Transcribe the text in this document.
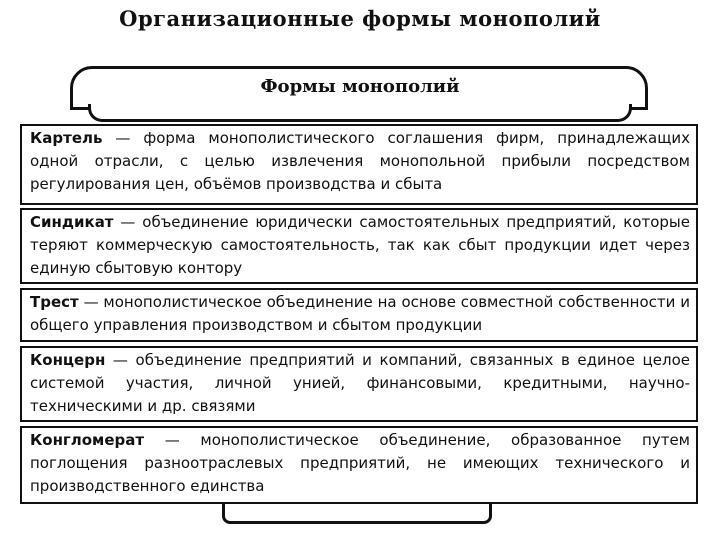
Организационные формы монополий
Формы монополий
Картель — форма монополистического соглашения фирм, принадлежащих одной отрасли, с целью извлечения монопольной прибыли посредством регулирования цен, объёмов производства и сбыта
Синдикат — объединение юридически самостоятельных предприятий, которые теряют коммерческую самостоятельность, так как сбыт продукции идет через единую сбытовую контору
Трест — монополистическое объединение на основе совместной собственности и общего управления производством и сбытом продукции
Концерн — объединение предприятий и компаний, связанных в единое целое системой участия, личной унией, финансовыми, кредитными, научно-техническими и др. связями
Конгломерат — монополистическое объединение, образованное путем поглощения разноотраслевых предприятий, не имеющих технического и производственного единства
